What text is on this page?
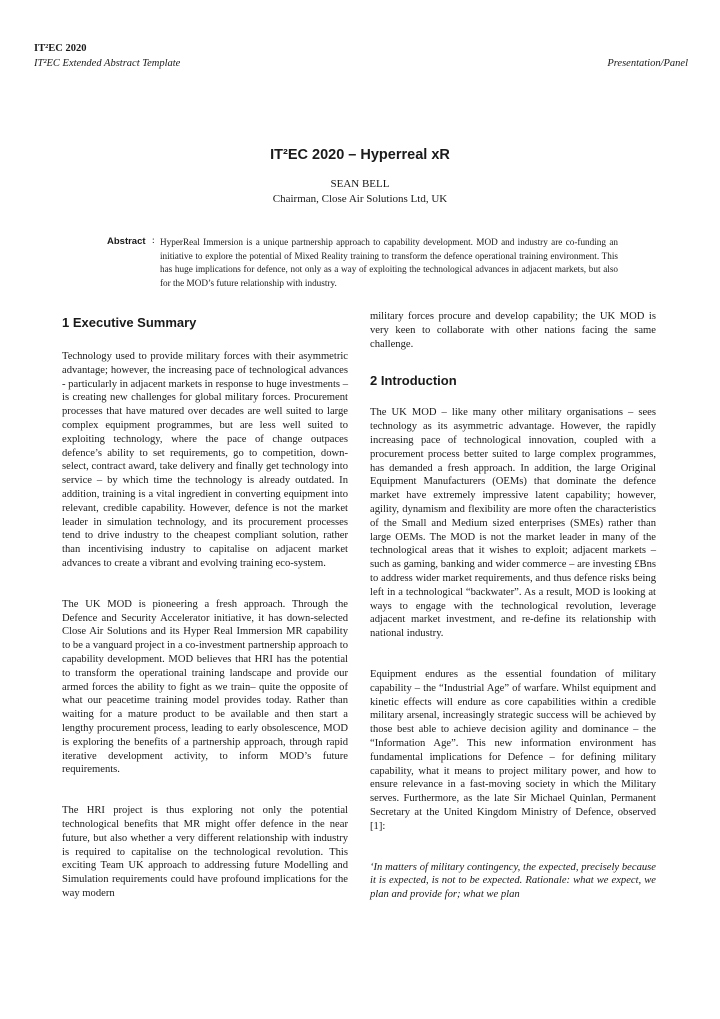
IT²EC 2020
IT²EC Extended Abstract Template	Presentation/Panel
IT²EC 2020 – Hyperreal xR
SEAN BELL
Chairman, Close Air Solutions Ltd, UK
Abstract : HyperReal Immersion is a unique partnership approach to capability development. MOD and industry are co-funding an initiative to explore the potential of Mixed Reality training to transform the defence operational training environment. This has huge implications for defence, not only as a way of exploiting the technological advances in adjacent markets, but also for the MOD’s future relationship with industry.
1 Executive Summary

Technology used to provide military forces with their asymmetric advantage; however, the increasing pace of technological advances - particularly in adjacent markets in response to huge investments – is creating new challenges for global military forces. Procurement processes that have matured over decades are well suited to large complex equipment programmes, but are less well suited to exploiting technology, where the pace of change outpaces defence’s ability to set requirements, go to competition, down-select, contract award, take delivery and finally get technology into service – by which time the technology is already outdated. In addition, training is a vital ingredient in converting equipment into relevant, credible capability. However, defence is not the market leader in simulation technology, and its procurement processes tend to drive industry to the cheapest compliant solution, rather than incentivising industry to capitalise on adjacent market advances to create a vibrant and evolving training eco-system.

The UK MOD is pioneering a fresh approach. Through the Defence and Security Accelerator initiative, it has down-selected Close Air Solutions and its Hyper Real Immersion MR capability to be a vanguard project in a co-investment partnership approach to capability development. MOD believes that HRI has the potential to transform the operational training landscape and provide our armed forces the ability to fight as we train– quite the opposite of what our peacetime training model provides today. Rather than waiting for a mature product to be available and then start a lengthy procurement process, leading to early obsolescence, MOD is exploring the benefits of a partnership approach, through rapid iterative development activity, to inform MOD’s future requirements.

The HRI project is thus exploring not only the potential technological benefits that MR might offer defence in the near future, but also whether a very different relationship with industry is required to capitalise on the technological revolution. This exciting Team UK approach to addressing future Modelling and Simulation requirements could have profound implications for the way modern

military forces procure and develop capability; the UK MOD is very keen to collaborate with other nations facing the same challenge.

2 Introduction

The UK MOD – like many other military organisations – sees technology as its asymmetric advantage. However, the rapidly increasing pace of technological innovation, coupled with a procurement process better suited to large complex programmes, has demanded a fresh approach. In addition, the large Original Equipment Manufacturers (OEMs) that dominate the defence market have extremely impressive latent capability; however, agility, dynamism and flexibility are more often the characteristics of the Small and Medium sized enterprises (SMEs) rather than large OEMs. The MOD is not the market leader in many of the technological areas that it wishes to exploit; adjacent markets – such as gaming, banking and wider commerce – are investing £Bns to address wider market requirements, and thus defence risks being left in a technological “backwater”. As a result, MOD is looking at ways to engage with the technological revolution, leverage adjacent market investment, and re-define its relationship with national industry.

Equipment endures as the essential foundation of military capability – the “Industrial Age” of warfare. Whilst equipment and kinetic effects will endure as core capabilities within a credible military arsenal, increasingly strategic success will be achieved by those best able to achieve decision agility and dominance – the “Information Age”. This new information environment has fundamental implications for Defence – for defining military capability, what it means to project military power, and how to ensure relevance in a fast-moving society in which the Military serves. Furthermore, as the late Sir Michael Quinlan, Permanent Secretary at the United Kingdom Ministry of Defence, observed [1]:

‘In matters of military contingency, the expected, precisely because it is expected, is not to be expected. Rationale: what we expect, we plan and provide for; what we plan
